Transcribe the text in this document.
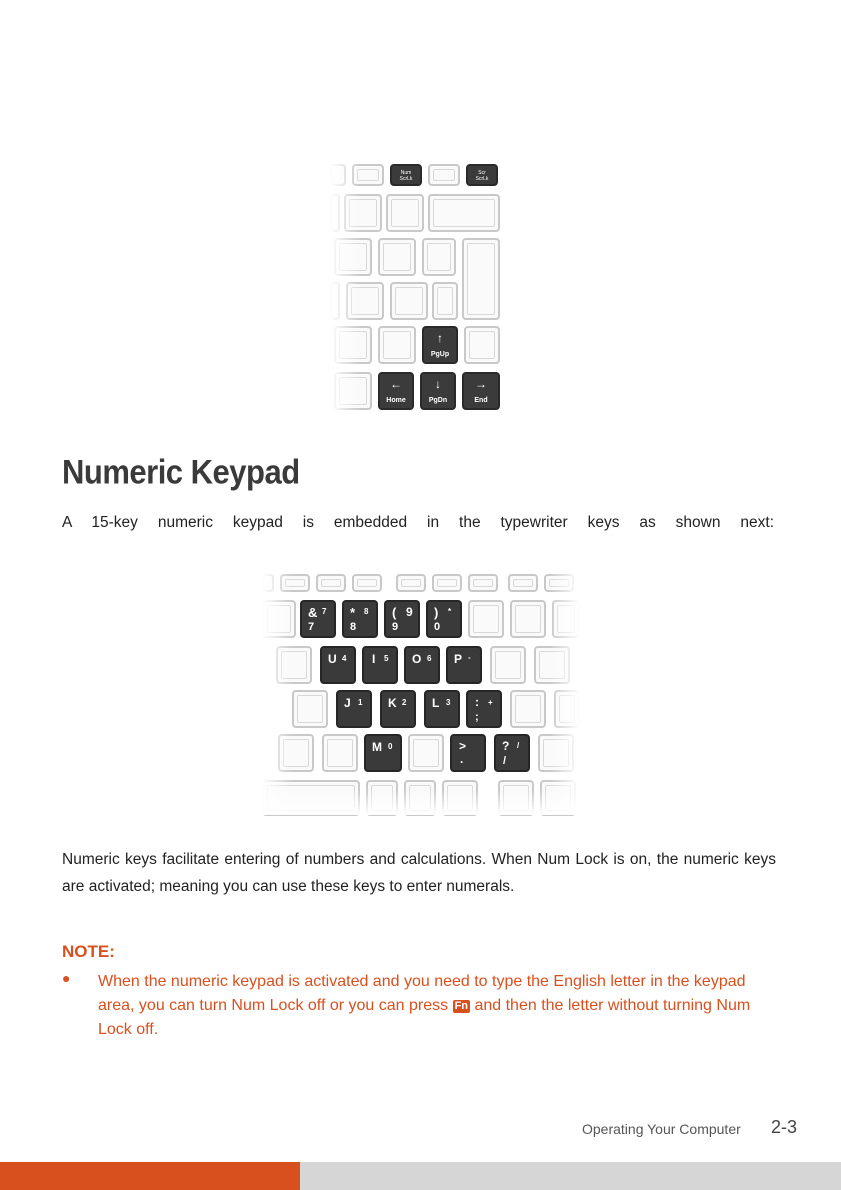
Num
ScrLk
Scr
ScrLk
↑
PgUp
←
Home
↓
PgDn
→
End
Numeric Keypad

A 15-key numeric keypad is embedded in the typewriter keys as shown next:

& 7
7
* 8
8
( 9
9
) *
0
U 4 I 5 O 6 P -
J 1 K 2 L 3 : +
;
M 0	>
.
? /
/

Numeric keys facilitate entering of numbers and calculations. When Num Lock is on, the numeric keys are activated; meaning you can use these keys to enter numerals.

NOTE:
● When the numeric keypad is activated and you need to type the English letter in the keypad area, you can turn Num Lock off or you can press Fn and then the letter without turning Num Lock off.

Operating Your Computer 2-3
